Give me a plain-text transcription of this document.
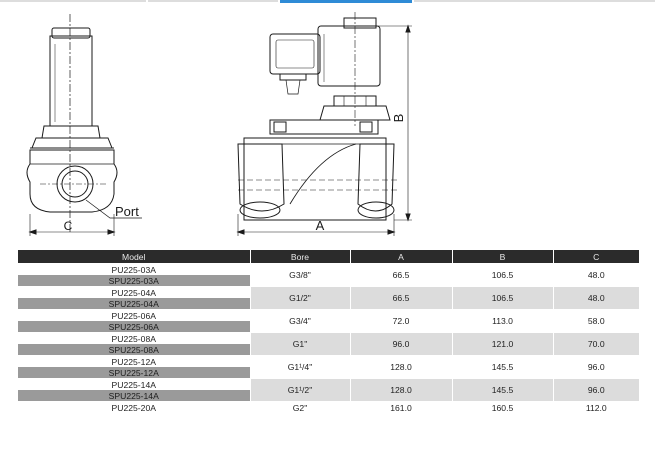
Port
C	A
B
Model	Bore	A	B	C
PU225-03A	G3/8"	66.5	106.5	48.0
SPU225-03A				
PU225-04A	G1/2"	66.5	106.5	48.0
SPU225-04A				
PU225-06A	G3/4"	72.0	113.0	58.0
SPU225-06A				
PU225-08A	G1"	96.0	121.0	70.0
SPU225-08A				
PU225-12A	G1¹/4"	128.0	145.5	96.0
SPU225-12A				
PU225-14A	G1¹/2"	128.0	145.5	96.0
SPU225-14A				
PU225-20A	G2"	161.0	160.5	112.0
